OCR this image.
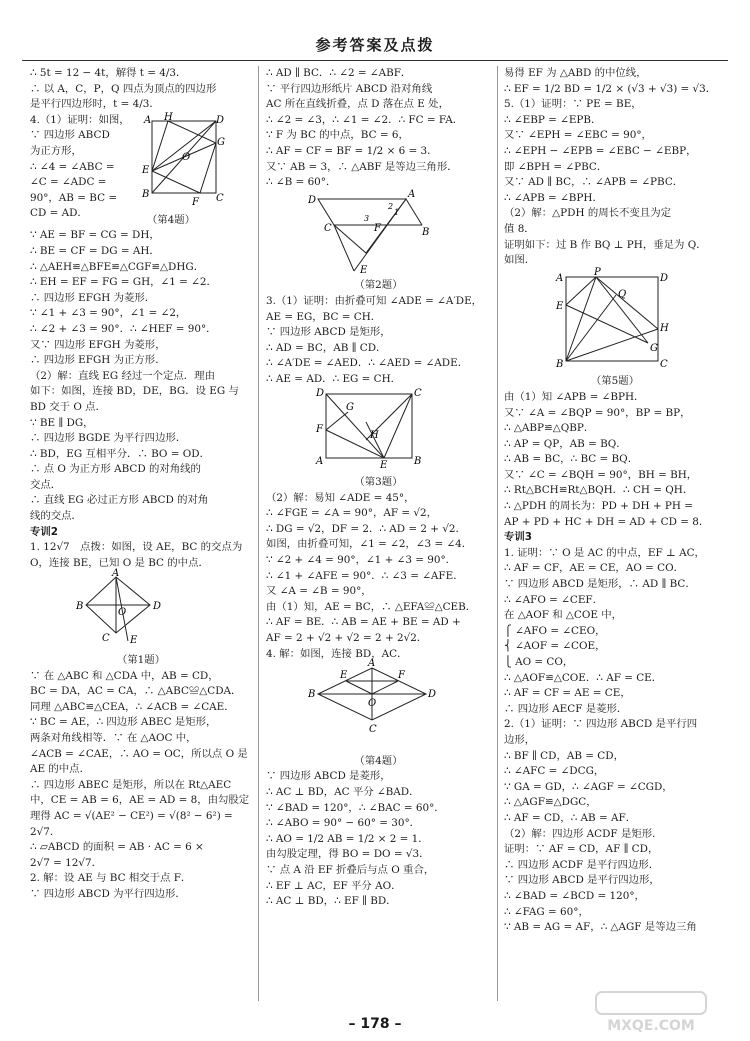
参考答案及点拨
∴ 5t = 12 − 4t，解得 t = 4/3．
∴ 以 A，C，P，Q 四点为顶点的四边形
是平行四边形时，t = 4/3．
4.（1）证明：如图，
∵ 四边形 ABCD
为正方形，
∴ ∠4 = ∠ABC =
∠C = ∠ADC =
90°，AB = BC =
CD = AD．
A H	D
G
E
O
B
F C
（第4题）
∵ AE = BF = CG = DH，
∴ BE = CF = DG = AH．
∴ △AEH≌△BFE≌△CGF≌△DHG．
∴ EH = EF = FG = GH，∠1 = ∠2．
∴ 四边形 EFGH 为菱形．
∵ ∠1 + ∠3 = 90°，∠1 = ∠2，
∴ ∠2 + ∠3 = 90°．∴ ∠HEF = 90°．
又∵ 四边形 EFGH 为菱形，
∴ 四边形 EFGH 为正方形．
（2）解：直线 EG 经过一个定点．理由
如下：如图，连接 BD，DE，BG．设 EG 与
BD 交于 O 点．
∵ BE ∥ DG，
∴ 四边形 BGDE 为平行四边形．
∴ BD，EG 互相平分．∴ BO = OD．
∴ 点 O 为正方形 ABCD 的对角线的
交点．
∴ 直线 EG 必过正方形 ABCD 的对角
线的交点．
专训2
1. 12√7　点拨：如图，设 AE，BC 的交点为
O，连接 BE，已知 O 是 BC 的中点．
A
B	D
O
C E
（第1题）
∵ 在 △ABC 和 △CDA 中，AB = CD，
BC = DA，AC = CA，∴ △ABC≌△CDA．
同理 △ABC≌△CEA，∴ ∠ACB = ∠CAE．
∵ BC = AE，∴ 四边形 ABEC 是矩形，
两条对角线相等．∵ 在 △AOC 中，
∠ACB = ∠CAE，∴ AO = OC，所以点 O 是
AE 的中点．
∴ 四边形 ABEC 是矩形，所以在 Rt△AEC
中，CE = AB = 6，AE = AD = 8，由勾股定
理得 AC = √(AE² − CE²) = √(8² − 6²) =
2√7．
∴ ▱ABCD 的面积 = AB · AC = 6 ×
2√7 = 12√7．
2. 解：设 AE 与 BC 相交于点 F．
∵ 四边形 ABCD 为平行四边形．
∴ AD ∥ BC．∴ ∠2 = ∠ABF．
∵ 平行四边形纸片 ABCD 沿对角线
AC 所在直线折叠，点 D 落在点 E 处，
∴ ∠2 = ∠3，∴ ∠1 = ∠2．∴ FC = FA．
∵ F 为 BC 的中点，BC = 6，
∴ AF = CF = BF = 1/2 × 6 = 3．
又∵ AB = 3，∴ △ABF 是等边三角形．
∴ ∠B = 60°．
D
A
C	B
F
E
2
1
3
（第2题）
3.（1）证明：由折叠可知 ∠ADE = ∠A′DE，
AE = EG，BC = CH．
∵ 四边形 ABCD 是矩形，
∴ AD = BC，AB ∥ CD．
∴ ∠A′DE = ∠AED．∴ ∠AED = ∠ADE．
∴ AE = AD．∴ EG = CH．
D	C
G
F
H
A	E	B
（第3题）
（2）解：易知 ∠ADE = 45°，
∴ ∠FGE = ∠A = 90°，AF = √2，
∴ DG = √2，DF = 2．∴ AD = 2 + √2．
如图，由折叠可知，∠1 = ∠2，∠3 = ∠4．
∵ ∠2 + ∠4 = 90°，∠1 + ∠3 = 90°．
∴ ∠1 + ∠AFE = 90°．∴ ∠3 = ∠AFE．
又 ∠A = ∠B = 90°，
由（1）知，AE = BC，∴ △EFA≌△CEB．
∴ AF = BE．∴ AB = AE + BE = AD +
AF = 2 + √2 + √2 = 2 + 2√2．
4. 解：如图，连接 BD，AC．
E	F
A
B	D
O
C
（第4题）
∵ 四边形 ABCD 是菱形，
∴ AC ⊥ BD，AC 平分 ∠BAD．
∵ ∠BAD = 120°，∴ ∠BAC = 60°．
∴ ∠ABO = 90° − 60° = 30°．
∴ AO = 1/2 AB = 1/2 × 2 = 1．
由勾股定理，得 BO = DO = √3．
∵ 点 A 沿 EF 折叠后与点 O 重合，
∴ EF ⊥ AC，EF 平分 AO．
∴ AC ⊥ BD，∴ EF ∥ BD．
易得 EF 为 △ABD 的中位线，
∴ EF = 1/2 BD = 1/2 × (√3 + √3) = √3．
5.（1）证明：∵ PE = BE，
∴ ∠EBP = ∠EPB．
又∵ ∠EPH = ∠EBC = 90°，
∴ ∠EPH − ∠EPB = ∠EBC − ∠EBP，
即 ∠BPH = ∠PBC．
又∵ AD ∥ BC，∴ ∠APB = ∠PBC．
∴ ∠APB = ∠BPH．
（2）解：△PDH 的周长不变且为定
值 8．
证明如下：过 B 作 BQ ⊥ PH，垂足为 Q．
如图．
A
P
D
E
Q
H
B	C
G
（第5题）
由（1）知 ∠APB = ∠BPH．
又∵ ∠A = ∠BQP = 90°，BP = BP，
∴ △ABP≌△QBP．
∴ AP = QP，AB = BQ．
∴ AB = BC，∴ BC = BQ．
又∵ ∠C = ∠BQH = 90°，BH = BH，
∴ Rt△BCH≌Rt△BQH．∴ CH = QH．
∴ △PDH 的周长为：PD + DH + PH =
AP + PD + HC + DH = AD + CD = 8．
专训3
1. 证明：∵ O 是 AC 的中点，EF ⊥ AC，
∴ AF = CF，AE = CE，AO = CO．
∵ 四边形 ABCD 是矩形，∴ AD ∥ BC．
∴ ∠AFO = ∠CEF．
在 △AOF 和 △COE 中，
⎧ ∠AFO = ∠CEO，
⎨ ∠AOF = ∠COE，
⎩ AO = CO，
∴ △AOF≌△COE．∴ AF = CE．
∴ AF = CF = AE = CE，
∴ 四边形 AECF 是菱形．
2.（1）证明：∵ 四边形 ABCD 是平行四
边形，
∴ BF ∥ CD，AB = CD，
∴ ∠AFC = ∠DCG，
∵ GA = GD，∴ ∠AGF = ∠CGD，
∴ △AGF≌△DGC，
∴ AF = CD，∴ AB = AF．
（2）解：四边形 ACDF 是矩形．
证明：∵ AF = CD，AF ∥ CD，
∴ 四边形 ACDF 是平行四边形．
∵ 四边形 ABCD 是平行四边形，
∴ ∠BAD = ∠BCD = 120°，
∴ ∠FAG = 60°，
∵ AB = AG = AF，∴ △AGF 是等边三角
– 178 –	MXQE.COM
